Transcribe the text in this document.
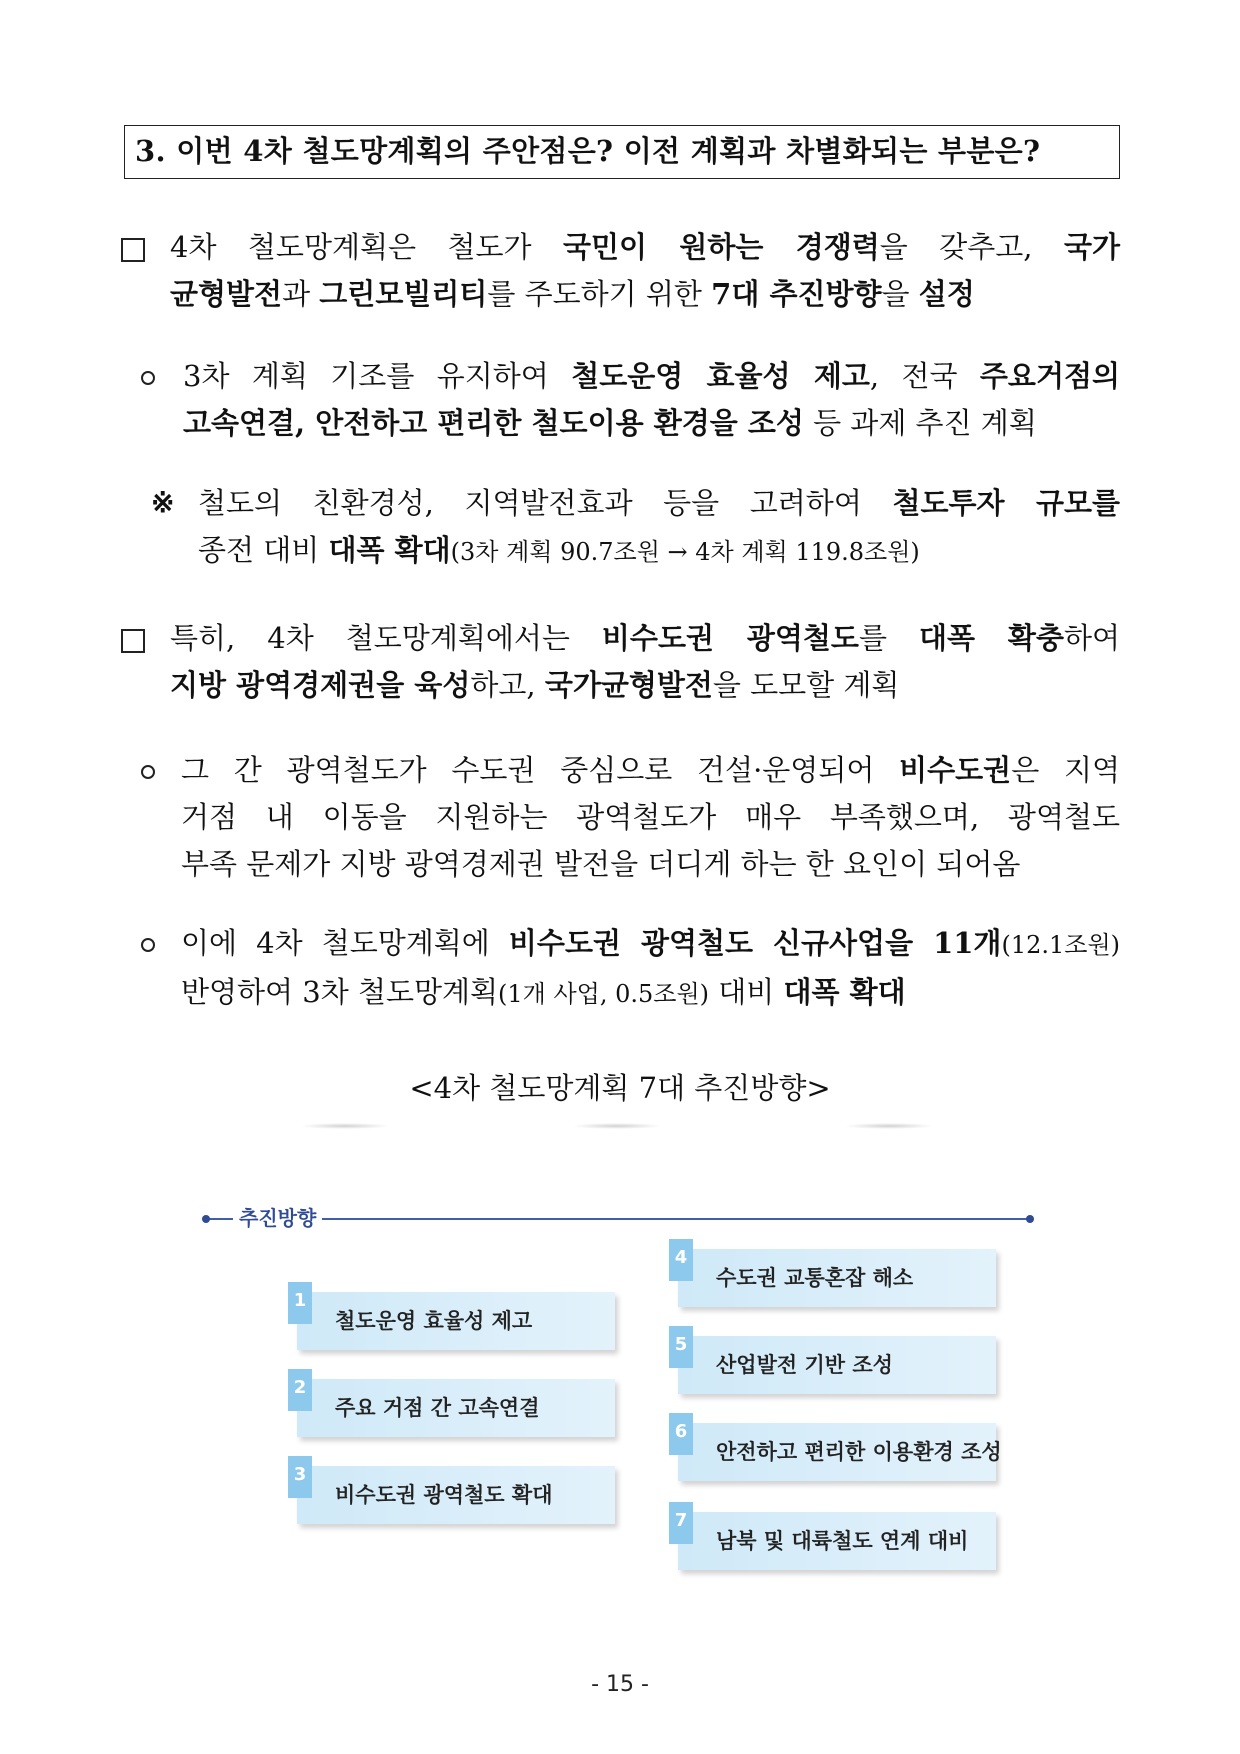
3. 이번 4차 철도망계획의 주안점은? 이전 계획과 차별화되는 부분은?
4차 철도망계획은 철도가 국민이 원하는 경쟁력을 갖추고, 국가
균형발전과 그린모빌리티를 주도하기 위한 7대 추진방향을 설정
3차 계획 기조를 유지하여 철도운영 효율성 제고, 전국 주요거점의
고속연결, 안전하고 편리한 철도이용 환경을 조성 등 과제 추진 계획
※ 철도의 친환경성, 지역발전효과 등을 고려하여 철도투자 규모를
종전 대비 대폭 확대(3차 계획 90.7조원 → 4차 계획 119.8조원)
특히, 4차 철도망계획에서는 비수도권 광역철도를 대폭 확충하여
지방 광역경제권을 육성하고, 국가균형발전을 도모할 계획
그 간 광역철도가 수도권 중심으로 건설·운영되어 비수도권은 지역
거점 내 이동을 지원하는 광역철도가 매우 부족했으며, 광역철도
부족 문제가 지방 광역경제권 발전을 더디게 하는 한 요인이 되어옴
이에 4차 철도망계획에 비수도권 광역철도 신규사업을 11개(12.1조원)
반영하여 3차 철도망계획(1개 사업, 0.5조원) 대비 대폭 확대
<4차 철도망계획 7대 추진방향>
추진방향
1
철도운영 효율성 제고
2
주요 거점 간 고속연결
3
비수도권 광역철도 확대
4
수도권 교통혼잡 해소
5
산업발전 기반 조성
6
안전하고 편리한 이용환경 조성
7
남북 및 대륙철도 연계 대비
- 15 -
